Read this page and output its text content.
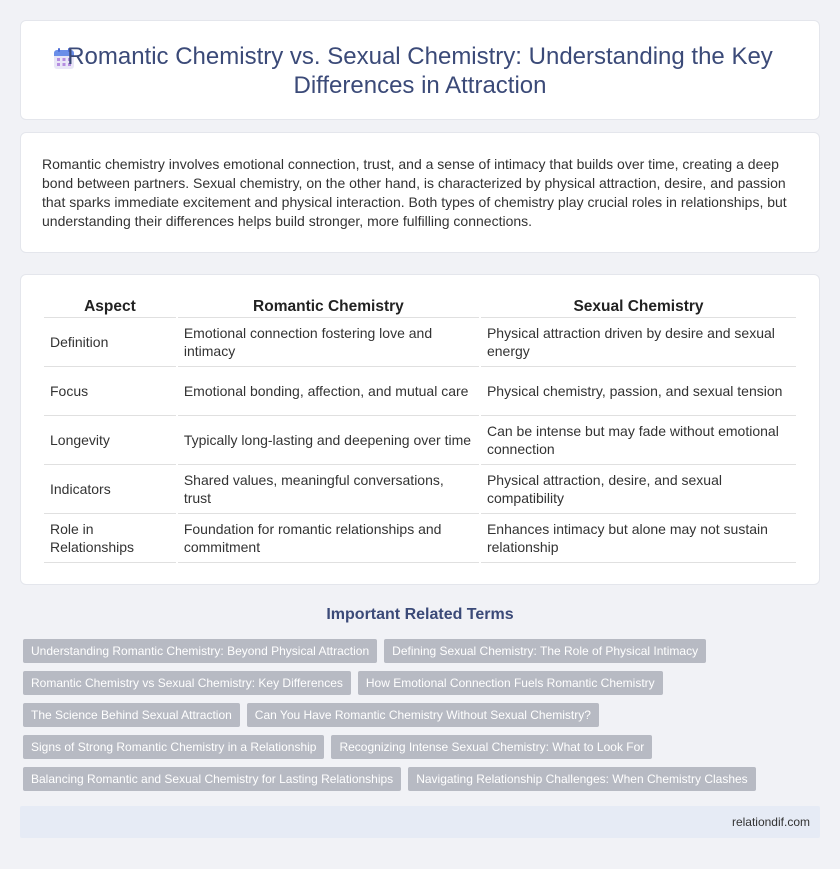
Romantic Chemistry vs. Sexual Chemistry: Understanding the Key Differences in Attraction

Romantic chemistry involves emotional connection, trust, and a sense of intimacy that builds over time, creating a deep bond between partners. Sexual chemistry, on the other hand, is characterized by physical attraction, desire, and passion that sparks immediate excitement and physical interaction. Both types of chemistry play crucial roles in relationships, but understanding their differences helps build stronger, more fulfilling connections.

Aspect	Romantic Chemistry	Sexual Chemistry
Definition	Emotional connection fostering love and intimacy	Physical attraction driven by desire and sexual energy
Focus	Emotional bonding, affection, and mutual care	Physical chemistry, passion, and sexual tension
Longevity	Typically long-lasting and deepening over time	Can be intense but may fade without emotional connection
Indicators	Shared values, meaningful conversations, trust	Physical attraction, desire, and sexual compatibility
Role in Relationships	Foundation for romantic relationships and commitment	Enhances intimacy but alone may not sustain relationship
Important Related Terms
Understanding Romantic Chemistry: Beyond Physical Attraction	Defining Sexual Chemistry: The Role of Physical Intimacy
Romantic Chemistry vs Sexual Chemistry: Key Differences	How Emotional Connection Fuels Romantic Chemistry
The Science Behind Sexual Attraction	Can You Have Romantic Chemistry Without Sexual Chemistry?
Signs of Strong Romantic Chemistry in a Relationship	Recognizing Intense Sexual Chemistry: What to Look For
Balancing Romantic and Sexual Chemistry for Lasting Relationships	Navigating Relationship Challenges: When Chemistry Clashes
relationdif.com
